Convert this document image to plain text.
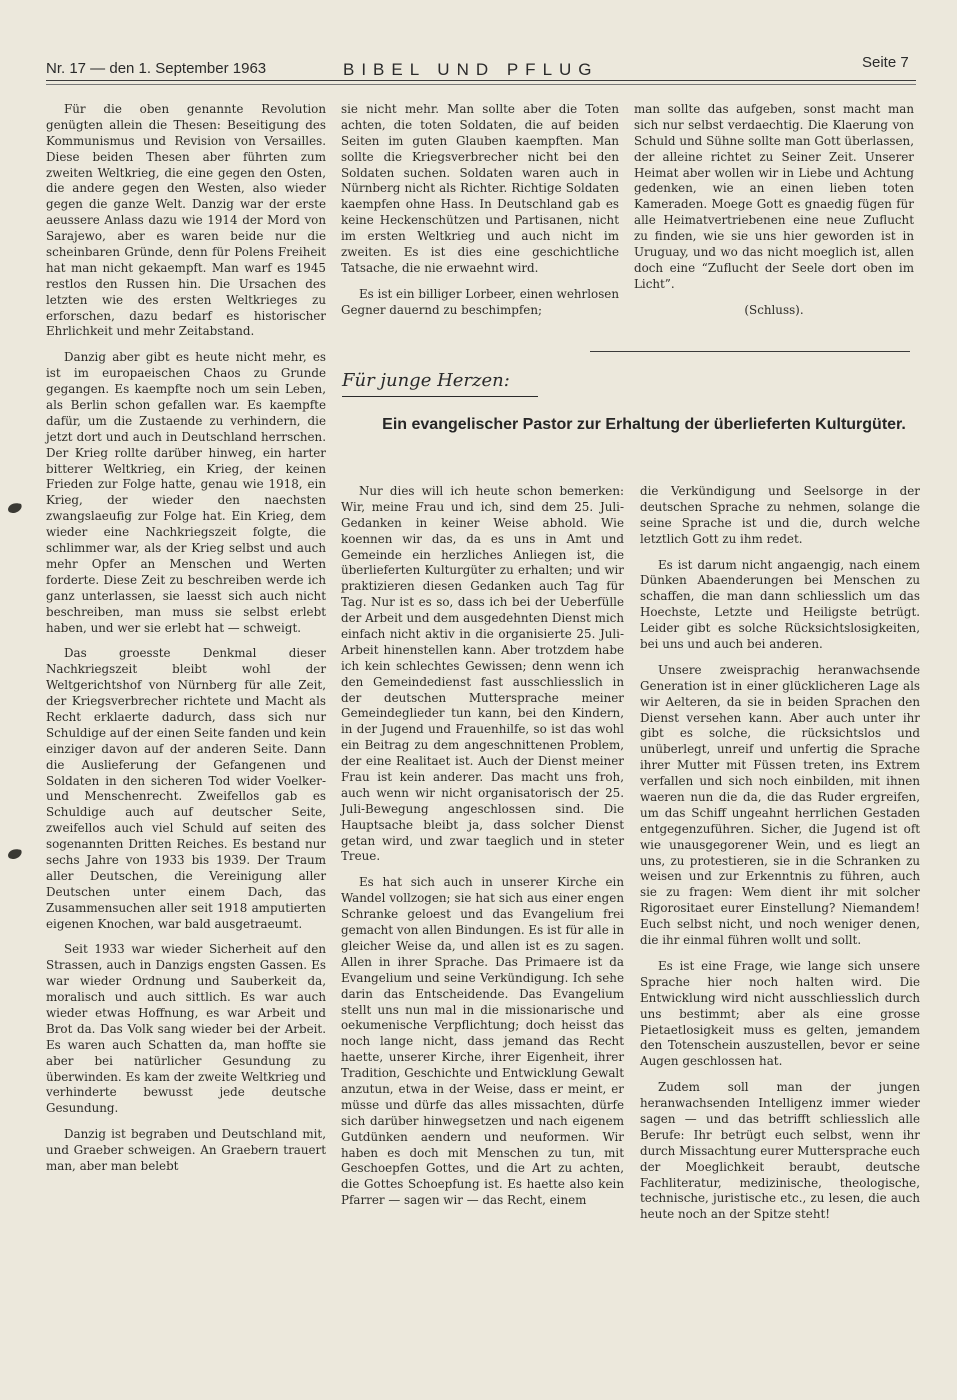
Nr. 17 — den 1. September 1963	BIBEL UND PFLUG	Seite 7

Für die oben genannte Revolution genügten allein die Thesen: Beseitigung des Kommunismus und Revision von Versailles. Diese beiden Thesen aber führten zum zweiten Weltkrieg, die eine gegen den Osten, die andere gegen den Westen, also wieder gegen die ganze Welt. Danzig war der erste aeussere Anlass dazu wie 1914 der Mord von Sarajewo, aber es waren beide nur die scheinbaren Gründe, denn für Polens Freiheit hat man nicht gekaempft. Man warf es 1945 restlos den Russen hin. Die Ursachen des letzten wie des ersten Weltkrieges zu erforschen, dazu bedarf es historischer Ehrlichkeit und mehr Zeitabstand.

Danzig aber gibt es heute nicht mehr, es ist im europaeischen Chaos zu Grunde gegangen. Es kaempfte noch um sein Leben, als Berlin schon gefallen war. Es kaempfte dafür, um die Zustaende zu verhindern, die jetzt dort und auch in Deutschland herrschen. Der Krieg rollte darüber hinweg, ein harter bitterer Weltkrieg, ein Krieg, der keinen Frieden zur Folge hatte, genau wie 1918, ein Krieg, der wieder den naechsten zwangslaeufig zur Folge hat. Ein Krieg, dem wieder eine Nachkriegszeit folgte, die schlimmer war, als der Krieg selbst und auch mehr Opfer an Menschen und Werten forderte. Diese Zeit zu beschreiben werde ich ganz unterlassen, sie laesst sich auch nicht beschreiben, man muss sie selbst erlebt haben, und wer sie erlebt hat — schweigt.

Das groesste Denkmal dieser Nachkriegszeit bleibt wohl der Weltgerichtshof von Nürnberg für alle Zeit, der Kriegsverbrecher richtete und Macht als Recht erklaerte dadurch, dass sich nur Schuldige auf der einen Seite fanden und kein einziger davon auf der anderen Seite. Dann die Auslieferung der Gefangenen und Soldaten in den sicheren Tod wider Voelker- und Menschenrecht. Zweifellos gab es Schuldige auch auf deutscher Seite, zweifellos auch viel Schuld auf seiten des sogenannten Dritten Reiches. Es bestand nur sechs Jahre von 1933 bis 1939. Der Traum aller Deutschen, die Vereinigung aller Deutschen unter einem Dach, das Zusammensuchen aller seit 1918 amputierten eigenen Knochen, war bald ausgetraeumt.

Seit 1933 war wieder Sicherheit auf den Strassen, auch in Danzigs engsten Gassen. Es war wieder Ordnung und Sauberkeit da, moralisch und auch sittlich. Es war auch wieder etwas Hoffnung, es war Arbeit und Brot da. Das Volk sang wieder bei der Arbeit. Es waren auch Schatten da, man hoffte sie aber bei natürlicher Gesundung zu überwinden. Es kam der zweite Weltkrieg und verhinderte bewusst jede deutsche Gesundung.

Danzig ist begraben und Deutschland mit, und Graeber schweigen. An Graebern trauert man, aber man belebt

sie nicht mehr. Man sollte aber die Toten achten, die toten Soldaten, die auf beiden Seiten im guten Glauben kaempften. Man sollte die Kriegsverbrecher nicht bei den Soldaten suchen. Soldaten waren auch in Nürnberg nicht als Richter. Richtige Soldaten kaempfen ohne Hass. In Deutschland gab es keine Heckenschützen und Partisanen, nicht im ersten Weltkrieg und auch nicht im zweiten. Es ist dies eine geschichtliche Tatsache, die nie erwaehnt wird.

Es ist ein billiger Lorbeer, einen wehrlosen Gegner dauernd zu beschimpfen;

man sollte das aufgeben, sonst macht man sich nur selbst verdaechtig. Die Klaerung von Schuld und Sühne sollte man Gott überlassen, der alleine richtet zu Seiner Zeit. Unserer Heimat aber wollen wir in Liebe und Achtung gedenken, wie an einen lieben toten Kameraden. Moege Gott es gnaedig fügen für alle Heimatvertriebenen eine neue Zuflucht zu finden, wie sie uns hier geworden ist in Uruguay, und wo das nicht moeglich ist, allen doch eine “Zuflucht der Seele dort oben im Licht”.

(Schluss).

Für junge Herzen:
Ein evangelischer Pastor zur Erhaltung der überlieferten Kulturgüter.

Nur dies will ich heute schon bemerken: Wir, meine Frau und ich, sind dem 25. Juli-Gedanken in keiner Weise abhold. Wie koennen wir das, da es uns in Amt und Gemeinde ein herzliches Anliegen ist, die überlieferten Kulturgüter zu erhalten; und wir praktizieren diesen Gedanken auch Tag für Tag. Nur ist es so, dass ich bei der Ueberfülle der Arbeit und dem ausgedehnten Dienst mich einfach nicht aktiv in die organisierte 25. Juli-Arbeit hinenstellen kann. Aber trotzdem habe ich kein schlechtes Gewissen; denn wenn ich den Gemeindedienst fast ausschliesslich in der deutschen Muttersprache meiner Gemeindeglieder tun kann, bei den Kindern, in der Jugend und Frauenhilfe, so ist das wohl ein Beitrag zu dem angeschnittenen Problem, der eine Realitaet ist. Auch der Dienst meiner Frau ist kein anderer. Das macht uns froh, auch wenn wir nicht organisatorisch der 25. Juli-Bewegung angeschlossen sind. Die Hauptsache bleibt ja, dass solcher Dienst getan wird, und zwar taeglich und in steter Treue.

Es hat sich auch in unserer Kirche ein Wandel vollzogen; sie hat sich aus einer engen Schranke geloest und das Evangelium frei gemacht von allen Bindungen. Es ist für alle in gleicher Weise da, und allen ist es zu sagen. Allen in ihrer Sprache. Das Primaere ist da Evangelium und seine Verkündigung. Ich sehe darin das Entscheidende. Das Evangelium stellt uns nun mal in die missionarische und oekumenische Verpflichtung; doch heisst das noch lange nicht, dass jemand das Recht haette, unserer Kirche, ihrer Eigenheit, ihrer Tradition, Geschichte und Entwicklung Gewalt anzutun, etwa in der Weise, dass er meint, er müsse und dürfe das alles missachten, dürfe sich darüber hinwegsetzen und nach eigenem Gutdünken aendern und neuformen. Wir haben es doch mit Menschen zu tun, mit Geschoepfen Gottes, und die Art zu achten, die Gottes Schoepfung ist. Es haette also kein Pfarrer — sagen wir — das Recht, einem

die Verkündigung und Seelsorge in der deutschen Sprache zu nehmen, solange die seine Sprache ist und die, durch welche letztlich Gott zu ihm redet.

Es ist darum nicht angaengig, nach einem Dünken Abaenderungen bei Menschen zu schaffen, die man dann schliesslich um das Hoechste, Letzte und Heiligste betrügt. Leider gibt es solche Rücksichtslosigkeiten, bei uns und auch bei anderen.

Unsere zweisprachig heranwachsende Generation ist in einer glücklicheren Lage als wir Aelteren, da sie in beiden Sprachen den Dienst versehen kann. Aber auch unter ihr gibt es solche, die rücksichtslos und unüberlegt, unreif und unfertig die Sprache ihrer Mutter mit Füssen treten, ins Extrem verfallen und sich noch einbilden, mit ihnen waeren nun die da, die das Ruder ergreifen, um das Schiff ungeahnt herrlichen Gestaden entgegenzuführen. Sicher, die Jugend ist oft wie unausgegorener Wein, und es liegt an uns, zu protestieren, sie in die Schranken zu weisen und zur Erkenntnis zu führen, auch sie zu fragen: Wem dient ihr mit solcher Rigorositaet eurer Einstellung? Niemandem! Euch selbst nicht, und noch weniger denen, die ihr einmal führen wollt und sollt.

Es ist eine Frage, wie lange sich unsere Sprache hier noch halten wird. Die Entwicklung wird nicht ausschliesslich durch uns bestimmt; aber als eine grosse Pietaetlosigkeit muss es gelten, jemandem den Totenschein auszustellen, bevor er seine Augen geschlossen hat.

Zudem soll man der jungen heranwachsenden Intelligenz immer wieder sagen — und das betrifft schliesslich alle Berufe: Ihr betrügt euch selbst, wenn ihr durch Missachtung eurer Muttersprache euch der Moeglichkeit beraubt, deutsche Fachliteratur, medizinische, theologische, technische, juristische etc., zu lesen, die auch heute noch an der Spitze steht!
